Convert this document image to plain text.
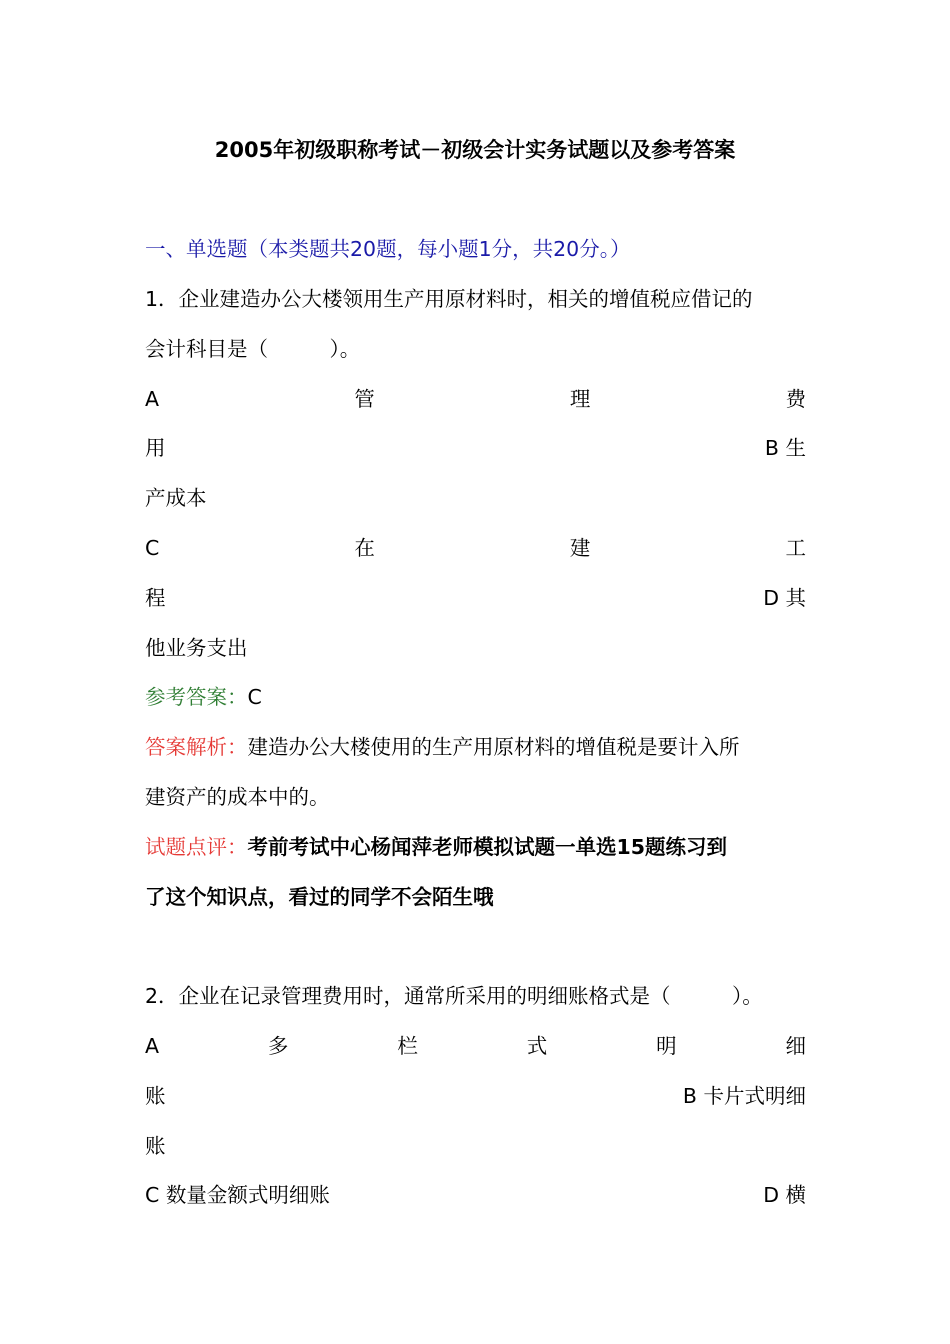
2005年初级职称考试－初级会计实务试题以及参考答案
一、单选题（本类题共20题，每小题1分，共20分。）
1．企业建造办公大楼领用生产用原材料时，相关的增值税应借记的
会计科目是（　　　）。
A	管	理	费
用	B 生
产成本
C	在	建	工
程	D 其
他业务支出
参考答案：C
答案解析：建造办公大楼使用的生产用原材料的增值税是要计入所
建资产的成本中的。
试题点评：考前考试中心杨闻萍老师模拟试题一单选15题练习到
了这个知识点，看过的同学不会陌生哦
2．企业在记录管理费用时，通常所采用的明细账格式是（　　　）。
A	多	栏	式	明	细
账	B 卡片式明细
账
C 数量金额式明细账	D 横
